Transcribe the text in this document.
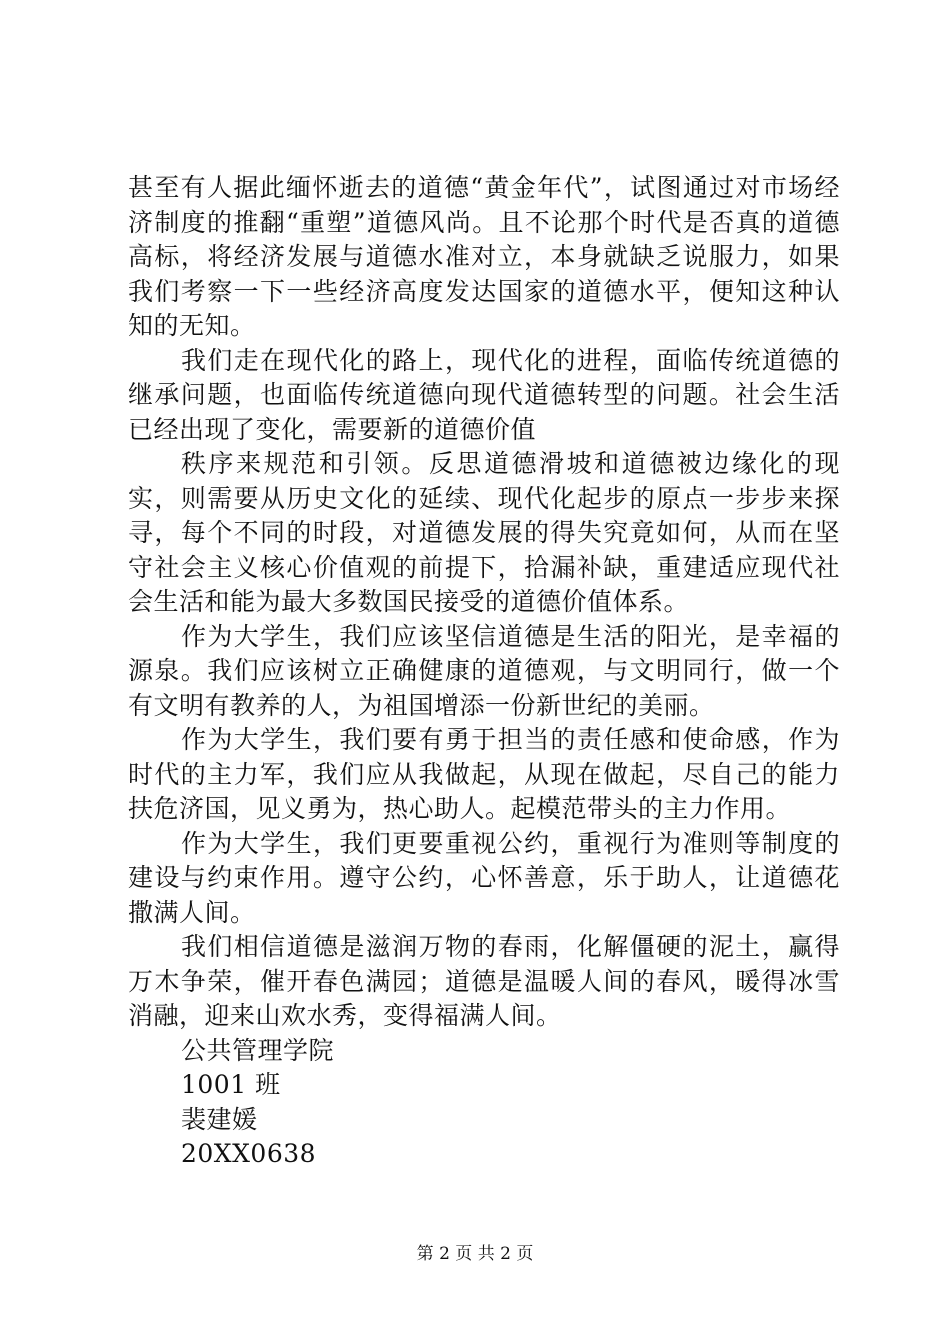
甚至有人据此缅怀逝去的道德“黄金年代”，试图通过对市场经济制度的推翻“重塑”道德风尚。且不论那个时代是否真的道德高标，将经济发展与道德水准对立，本身就缺乏说服力，如果我们考察一下一些经济高度发达国家的道德水平，便知这种认知的无知。

我们走在现代化的路上，现代化的进程，面临传统道德的继承问题，也面临传统道德向现代道德转型的问题。社会生活已经出现了变化，需要新的道德价值

秩序来规范和引领。反思道德滑坡和道德被边缘化的现实，则需要从历史文化的延续、现代化起步的原点一步步来探寻，每个不同的时段，对道德发展的得失究竟如何，从而在坚守社会主义核心价值观的前提下，拾漏补缺，重建适应现代社会生活和能为最大多数国民接受的道德价值体系。

作为大学生，我们应该坚信道德是生活的阳光，是幸福的源泉。我们应该树立正确健康的道德观，与文明同行，做一个有文明有教养的人，为祖国增添一份新世纪的美丽。

作为大学生，我们要有勇于担当的责任感和使命感，作为时代的主力军，我们应从我做起，从现在做起，尽自己的能力扶危济国，见义勇为，热心助人。起模范带头的主力作用。

作为大学生，我们更要重视公约，重视行为准则等制度的建设与约束作用。遵守公约，心怀善意，乐于助人，让道德花撒满人间。

我们相信道德是滋润万物的春雨，化解僵硬的泥土，赢得万木争荣，催开春色满园；道德是温暖人间的春风，暖得冰雪消融，迎来山欢水秀，变得福满人间。

公共管理学院

1001 班

裴建媛

20XX0638

第 2 页 共 2 页
